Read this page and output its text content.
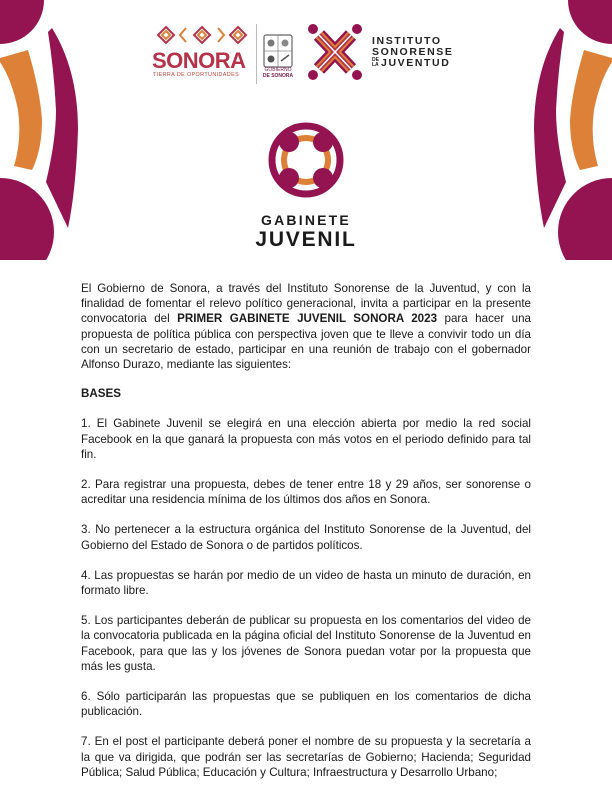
SONORA
TIERRA DE OPORTUNIDADES
GOBIERNO
DE SONORA
INSTITUTO
SONORENSE
DE LA JUVENTUD
GABINETE
JUVENIL

El Gobierno de Sonora, a través del Instituto Sonorense de la Juventud, y con la finalidad de fomentar el relevo político generacional, invita a participar en la presente convocatoria del PRIMER GABINETE JUVENIL SONORA 2023 para hacer una propuesta de política pública con perspectiva joven que te lleve a convivir todo un día con un secretario de estado, participar en una reunión de trabajo con el gobernador Alfonso Durazo, mediante las siguientes:

BASES

1. El Gabinete Juvenil se elegirá en una elección abierta por medio la red social Facebook en la que ganará la propuesta con más votos en el periodo definido para tal fin.

2. Para registrar una propuesta, debes de tener entre 18 y 29 años, ser sonorense o acreditar una residencia mínima de los últimos dos años en Sonora.

3. No pertenecer a la estructura orgánica del Instituto Sonorense de la Juventud, del Gobierno del Estado de Sonora o de partidos políticos.

4. Las propuestas se harán por medio de un video de hasta un minuto de duración, en formato libre.

5. Los participantes deberán de publicar su propuesta en los comentarios del video de la convocatoria publicada en la página oficial del Instituto Sonorense de la Juventud en Facebook, para que las y los jóvenes de Sonora puedan votar por la propuesta que más les gusta.

6. Sólo participarán las propuestas que se publiquen en los comentarios de dicha publicación.

7. En el post el participante deberá poner el nombre de su propuesta y la secretaría a la que va dirigida, que podrán ser las secretarías de Gobierno; Hacienda; Seguridad Pública; Salud Pública; Educación y Cultura; Infraestructura y Desarrollo Urbano;
